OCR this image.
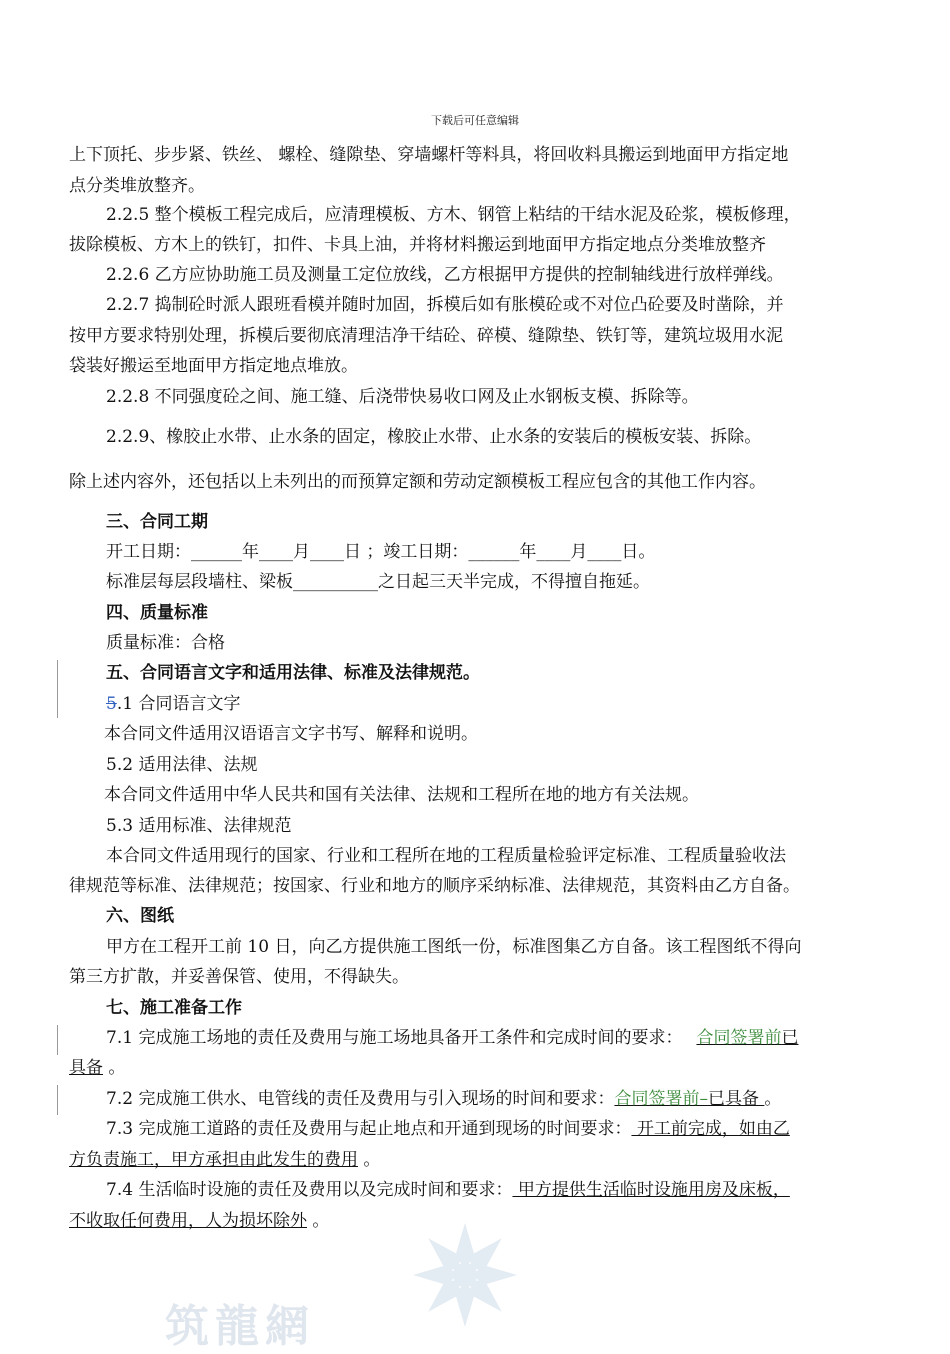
下载后可任意编辑
上下顶托、步步紧、铁丝、 螺栓、缝隙垫、穿墙螺杆等料具，将回收料具搬运到地面甲方指定地
点分类堆放整齐。
2.2.5 整个模板工程完成后，应清理模板、方木、钢管上粘结的干结水泥及砼浆，模板修理，
拔除模板、方木上的铁钉，扣件、卡具上油，并将材料搬运到地面甲方指定地点分类堆放整齐
2.2.6 乙方应协助施工员及测量工定位放线，乙方根据甲方提供的控制轴线进行放样弹线。
2.2.7 捣制砼时派人跟班看模并随时加固，拆模后如有胀模砼或不对位凸砼要及时凿除，并
按甲方要求特别处理，拆模后要彻底清理洁净干结砼、碎模、缝隙垫、铁钉等，建筑垃圾用水泥
袋装好搬运至地面甲方指定地点堆放。
2.2.8 不同强度砼之间、施工缝、后浇带快易收口网及止水钢板支模、拆除等。
2.2.9、橡胶止水带、止水条的固定，橡胶止水带、止水条的安装后的模板安装、拆除。
除上述内容外，还包括以上未列出的而预算定额和劳动定额模板工程应包含的其他工作内容。
三、合同工期
开工日期：______年____月____日 ；竣工日期：______年____月____日。
标准层每层段墙柱、梁板__________之日起三天半完成，不得擅自拖延。
四、质量标准
质量标准：合格
五、合同语言文字和适用法律、标准及法律规范。
5.1 合同语言文字
本合同文件适用汉语语言文字书写、解释和说明。
5.2 适用法律、法规
本合同文件适用中华人民共和国有关法律、法规和工程所在地的地方有关法规。
5.3 适用标准、法律规范
本合同文件适用现行的国家、行业和工程所在地的工程质量检验评定标准、工程质量验收法
律规范等标准、法律规范；按国家、行业和地方的顺序采纳标准、法律规范，其资料由乙方自备。
六、图纸
甲方在工程开工前 10 日，向乙方提供施工图纸一份，标准图集乙方自备。该工程图纸不得向
第三方扩散，并妥善保管、使用，不得缺失。
七、施工准备工作
7.1 完成施工场地的责任及费用与施工场地具备开工条件和完成时间的要求： 合同签署前已
具备 。
7.2 完成施工供水、电管线的责任及费用与引入现场的时间和要求：合同签署前–已具备 。
7.3 完成施工道路的责任及费用与起止地点和开通到现场的时间要求： 开工前完成，如由乙
方负责施工，甲方承担由此发生的费用 。
7.4 生活临时设施的责任及费用以及完成时间和要求： 甲方提供生活临时设施用房及床板，
不收取任何费用，人为损坏除外 。
筑龍網
